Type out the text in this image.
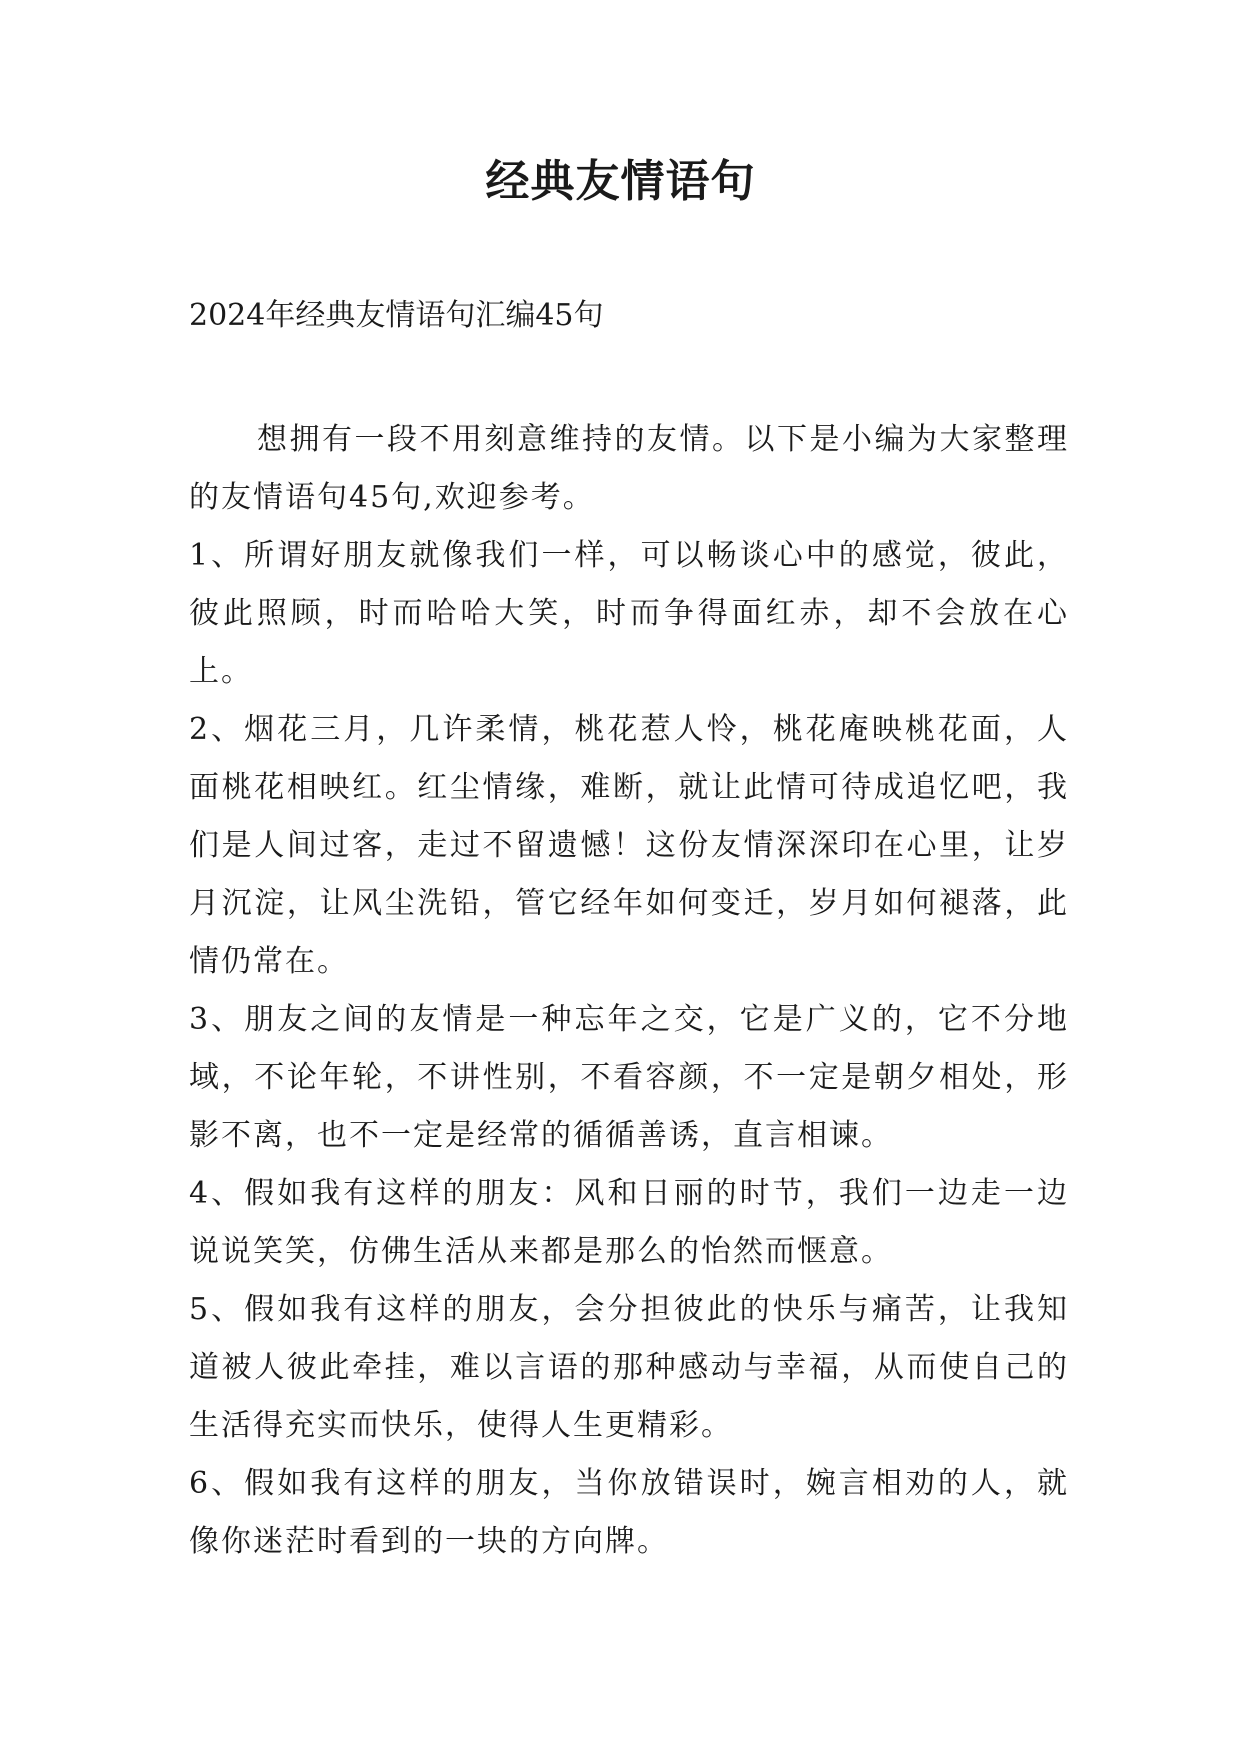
经典友情语句

2024年经典友情语句汇编45句

想拥有一段不用刻意维持的友情。以下是小编为大家整理的友情语句45句,欢迎参考。

1、所谓好朋友就像我们一样，可以畅谈心中的感觉，彼此，彼此照顾，时而哈哈大笑，时而争得面红赤，却不会放在心上。

2、烟花三月，几许柔情，桃花惹人怜，桃花庵映桃花面，人面桃花相映红。红尘情缘，难断，就让此情可待成追忆吧，我们是人间过客，走过不留遗憾！这份友情深深印在心里，让岁月沉淀，让风尘洗铅，管它经年如何变迁，岁月如何褪落，此情仍常在。

3、朋友之间的友情是一种忘年之交，它是广义的，它不分地域，不论年轮，不讲性别，不看容颜，不一定是朝夕相处，形影不离，也不一定是经常的循循善诱，直言相谏。

4、假如我有这样的朋友：风和日丽的时节，我们一边走一边说说笑笑，仿佛生活从来都是那么的怡然而惬意。

5、假如我有这样的朋友，会分担彼此的快乐与痛苦，让我知道被人彼此牵挂，难以言语的那种感动与幸福，从而使自己的生活得充实而快乐，使得人生更精彩。

6、假如我有这样的朋友，当你放错误时，婉言相劝的人，就像你迷茫时看到的一块的方向牌。
